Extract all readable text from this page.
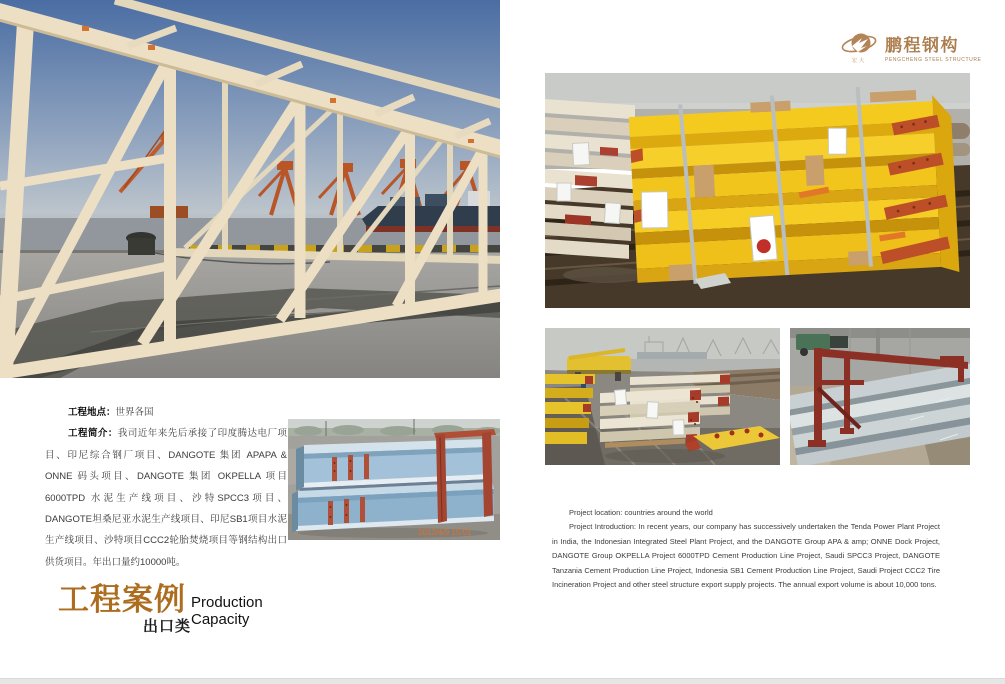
宏大
鹏程钢构
PENGCHENG STEEL STRUCTURE
2012/4/9 15:01

工程地点：世界各国

工程简介：我司近年来先后承接了印度腾达电厂项目、印尼综合钢厂项目、DANGOTE 集团 APAPA & ONNE 码头项目、DANGOTE 集团 OKPELLA 项目 6000TPD 水泥生产线项目、沙特SPCC3项目、DANGOTE坦桑尼亚水泥生产线项目、印尼SB1项目水泥生产线项目、沙特项目CCC2轮胎焚烧项目等钢结构出口供货项目。年出口量约10000吨。

Project location: countries around the world

Project Introduction: In recent years, our company has successively undertaken the Tenda Power Plant Project in India, the Indonesian Integrated Steel Plant Project, and the DANGOTE Group APA & amp; ONNE Dock Project, DANGOTE Group OKPELLA Project 6000TPD Cement Production Line Project, Saudi SPCC3 Project, DANGOTE Tanzania Cement Production Line Project, Indonesia SB1 Cement Production Line Project, Saudi Project CCC2 Tire Incineration Project and other steel structure export supply projects. The annual export volume is about 10,000 tons.

工程案例
出口类
Production
Capacity
